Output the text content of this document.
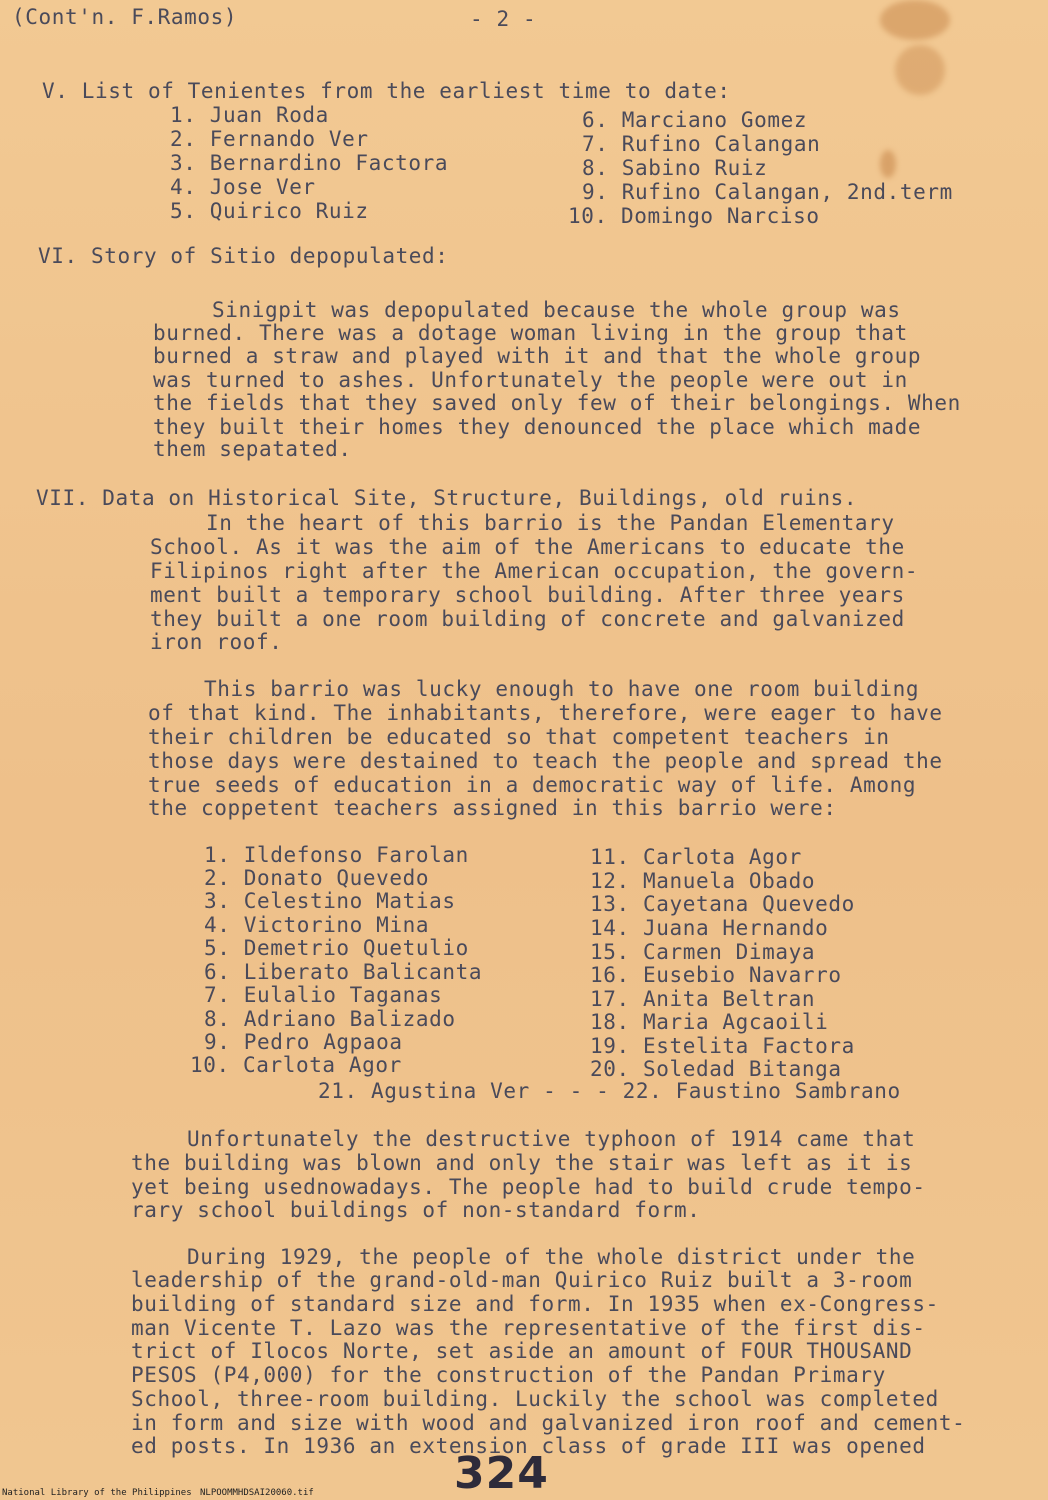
(Cont'n. F.Ramos)	- 2 -
V. List of Tenientes from the earliest time to date:
1. Juan Roda
2. Fernando Ver
3. Bernardino Factora
4. Jose Ver
5. Quirico Ruiz
6. Marciano Gomez
7. Rufino Calangan
8. Sabino Ruiz
9. Rufino Calangan, 2nd.term
10. Domingo Narciso
VI. Story of Sitio depopulated:
Sinigpit was depopulated because the whole group was
burned. There was a dotage woman living in the group that
burned a straw and played with it and that the whole group
was turned to ashes. Unfortunately the people were out in
the fields that they saved only few of their belongings. When
they built their homes they denounced the place which made
them sepatated.
VII. Data on Historical Site, Structure, Buildings, old ruins.
In the heart of this barrio is the Pandan Elementary
School. As it was the aim of the Americans to educate the
Filipinos right after the American occupation, the govern-
ment built a temporary school building. After three years
they built a one room building of concrete and galvanized
iron roof.
This barrio was lucky enough to have one room building
of that kind. The inhabitants, therefore, were eager to have
their children be educated so that competent teachers in
those days were destained to teach the people and spread the
true seeds of education in a democratic way of life. Among
the coppetent teachers assigned in this barrio were:
1. Ildefonso Farolan
2. Donato Quevedo
3. Celestino Matias
4. Victorino Mina
5. Demetrio Quetulio
6. Liberato Balicanta
7. Eulalio Taganas
8. Adriano Balizado
9. Pedro Agpaoa
10. Carlota Agor
11. Carlota Agor
12. Manuela Obado
13. Cayetana Quevedo
14. Juana Hernando
15. Carmen Dimaya
16. Eusebio Navarro
17. Anita Beltran
18. Maria Agcaoili
19. Estelita Factora
20. Soledad Bitanga
21. Agustina Ver - - - 22. Faustino Sambrano
Unfortunately the destructive typhoon of 1914 came that
the building was blown and only the stair was left as it is
yet being usednowadays. The people had to build crude tempo-
rary school buildings of non-standard form.
During 1929, the people of the whole district under the
leadership of the grand-old-man Quirico Ruiz built a 3-room
building of standard size and form. In 1935 when ex-Congress-
man Vicente T. Lazo was the representative of the first dis-
trict of Ilocos Norte, set aside an amount of FOUR THOUSAND
PESOS (P4,000) for the construction of the Pandan Primary
School, three-room building. Luckily the school was completed
in form and size with wood and galvanized iron roof and cement-
ed posts. In 1936 an extension class of grade III was opened
National Library of the Philippines NLPOOMMHDSAI20060.tif	324
